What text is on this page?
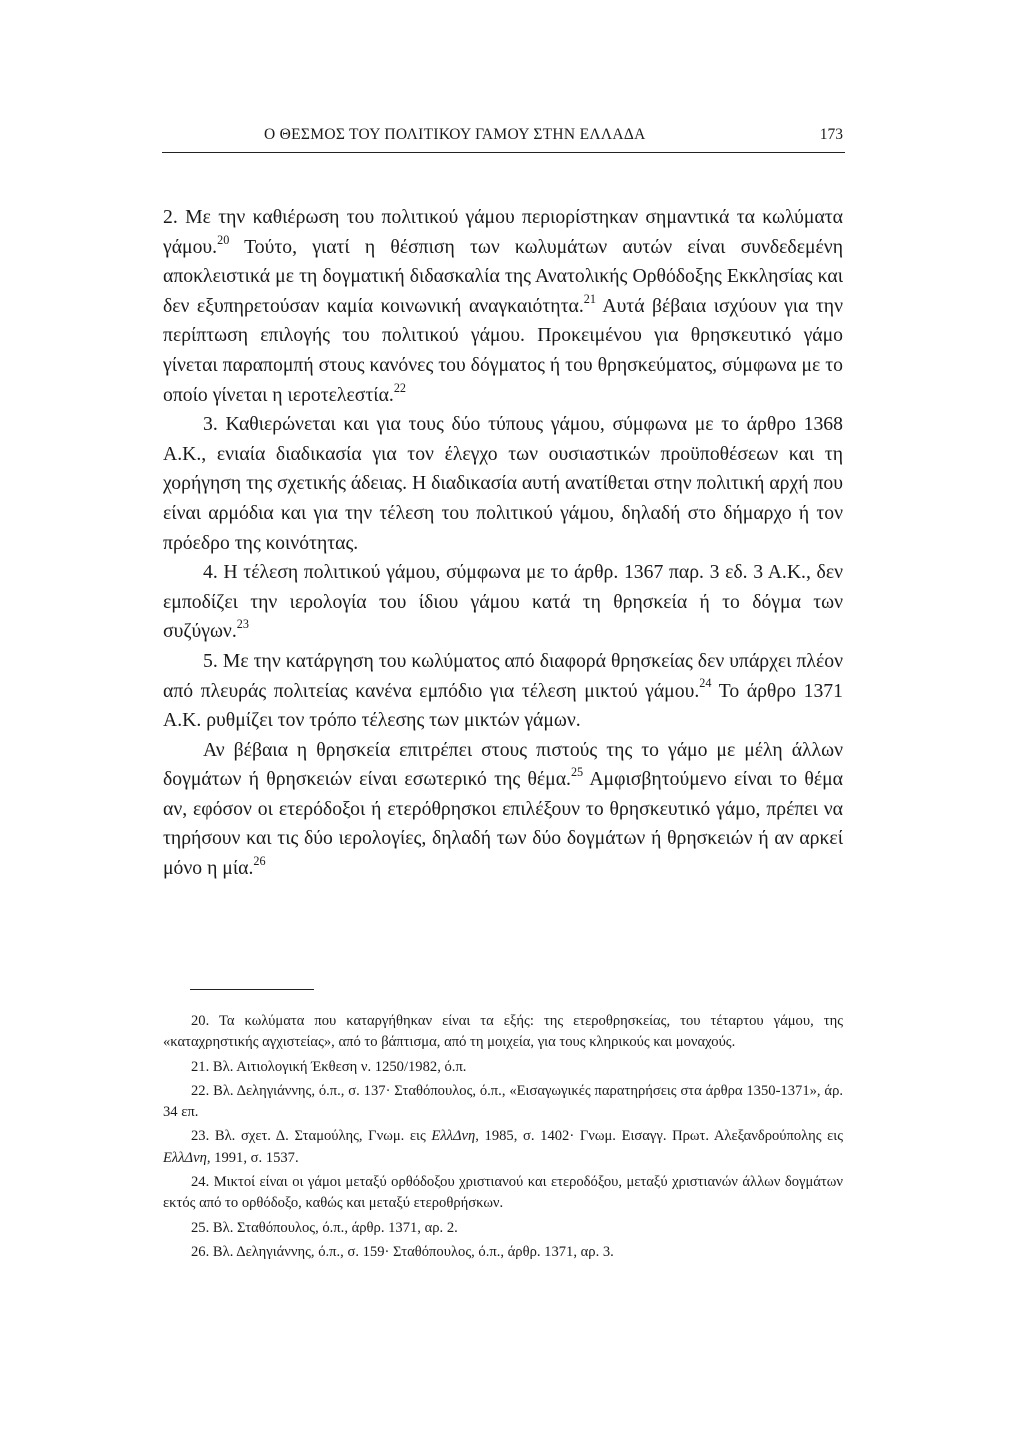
Ο ΘΕΣΜΟΣ ΤΟΥ ΠΟΛΙΤΙΚΟΥ ΓΑΜΟΥ ΣΤΗΝ ΕΛΛΑΔΑ	173

2. Με την καθιέρωση του πολιτικού γάμου περιορίστηκαν σημαντικά τα κωλύματα γάμου.$^{20}$ Τούτο, γιατί η θέσπιση των κωλυμάτων αυτών είναι συνδεδεμένη αποκλειστικά με τη δογματική διδασκαλία της Ανατολικής Ορθόδοξης Εκκλησίας και δεν εξυπηρετούσαν καμία κοινωνική αναγκαιότητα.$^{21}$ Αυτά βέβαια ισχύουν για την περίπτωση επιλογής του πολιτικού γάμου. Προκειμένου για θρησκευτικό γάμο γίνεται παραπομπή στους κανόνες του δόγματος ή του θρησκεύματος, σύμφωνα με το οποίο γίνεται η ιεροτελεστία.$^{22}$

3. Καθιερώνεται και για τους δύο τύπους γάμου, σύμφωνα με το άρθρο 1368 Α.Κ., ενιαία διαδικασία για τον έλεγχο των ουσιαστικών προϋποθέσεων και τη χορήγηση της σχετικής άδειας. Η διαδικασία αυτή ανατίθεται στην πολιτική αρχή που είναι αρμόδια και για την τέλεση του πολιτικού γάμου, δηλαδή στο δήμαρχο ή τον πρόεδρο της κοινότητας.

4. Η τέλεση πολιτικού γάμου, σύμφωνα με το άρθρ. 1367 παρ. 3 εδ. 3 Α.Κ., δεν εμποδίζει την ιερολογία του ίδιου γάμου κατά τη θρησκεία ή το δόγμα των συζύγων.$^{23}$

5. Με την κατάργηση του κωλύματος από διαφορά θρησκείας δεν υπάρχει πλέον από πλευράς πολιτείας κανένα εμπόδιο για τέλεση μικτού γάμου.$^{24}$ Το άρθρο 1371 Α.Κ. ρυθμίζει τον τρόπο τέλεσης των μικτών γάμων.

Αν βέβαια η θρησκεία επιτρέπει στους πιστούς της το γάμο με μέλη άλλων δογμάτων ή θρησκειών είναι εσωτερικό της θέμα.$^{25}$ Αμφισβητούμενο είναι το θέμα αν, εφόσον οι ετερόδοξοι ή ετερόθρησκοι επιλέξουν το θρησκευτικό γάμο, πρέπει να τηρήσουν και τις δύο ιερολογίες, δηλαδή των δύο δογμάτων ή θρησκειών ή αν αρκεί μόνο η μία.$^{26}$

20. Τα κωλύματα που καταργήθηκαν είναι τα εξής: της ετεροθρησκείας, του τέταρτου γάμου, της «καταχρηστικής αγχιστείας», από το βάπτισμα, από τη μοιχεία, για τους κληρικούς και μοναχούς.

21. Βλ. Αιτιολογική Έκθεση ν. 1250/1982, ό.π.

22. Βλ. Δεληγιάννης, ό.π., σ. 137· Σταθόπουλος, ό.π., «Εισαγωγικές παρατηρήσεις στα άρθρα 1350-1371», άρ. 34 επ.

23. Βλ. σχετ. Δ. Σταμούλης, Γνωμ. εις ΕλλΔνη, 1985, σ. 1402· Γνωμ. Εισαγγ. Πρωτ. Αλεξανδρούπολης εις ΕλλΔνη, 1991, σ. 1537.

24. Μικτοί είναι οι γάμοι μεταξύ ορθόδοξου χριστιανού και ετεροδόξου, μεταξύ χριστιανών άλλων δογμάτων εκτός από το ορθόδοξο, καθώς και μεταξύ ετεροθρήσκων.

25. Βλ. Σταθόπουλος, ό.π., άρθρ. 1371, αρ. 2.

26. Βλ. Δεληγιάννης, ό.π., σ. 159· Σταθόπουλος, ό.π., άρθρ. 1371, αρ. 3.
